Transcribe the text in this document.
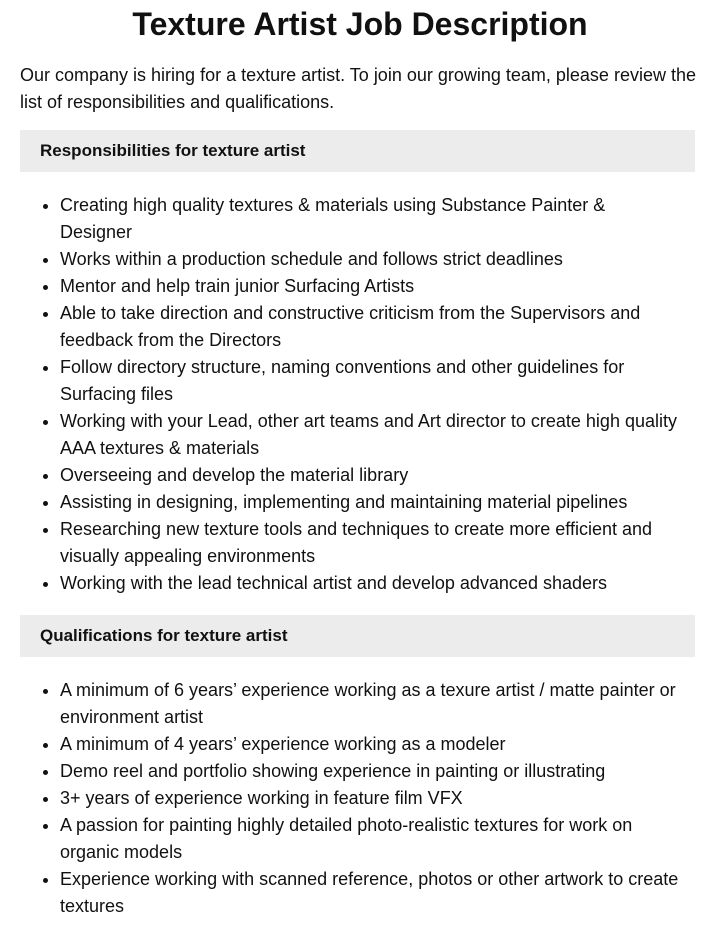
Texture Artist Job Description

Our company is hiring for a texture artist. To join our growing team, please review the list of responsibilities and qualifications.

Responsibilities for texture artist
• Creating high quality textures & materials using Substance Painter & Designer
• Works within a production schedule and follows strict deadlines
• Mentor and help train junior Surfacing Artists
• Able to take direction and constructive criticism from the Supervisors and feedback from the Directors
• Follow directory structure, naming conventions and other guidelines for Surfacing files
• Working with your Lead, other art teams and Art director to create high quality AAA textures & materials
• Overseeing and develop the material library
• Assisting in designing, implementing and maintaining material pipelines
• Researching new texture tools and techniques to create more efficient and visually appealing environments
• Working with the lead technical artist and develop advanced shaders
Qualifications for texture artist
• A minimum of 6 years’ experience working as a texure artist / matte painter or environment artist
• A minimum of 4 years’ experience working as a modeler
• Demo reel and portfolio showing experience in painting or illustrating
• 3+ years of experience working in feature film VFX
• A passion for painting highly detailed photo-realistic textures for work on organic models
• Experience working with scanned reference, photos or other artwork to create textures
